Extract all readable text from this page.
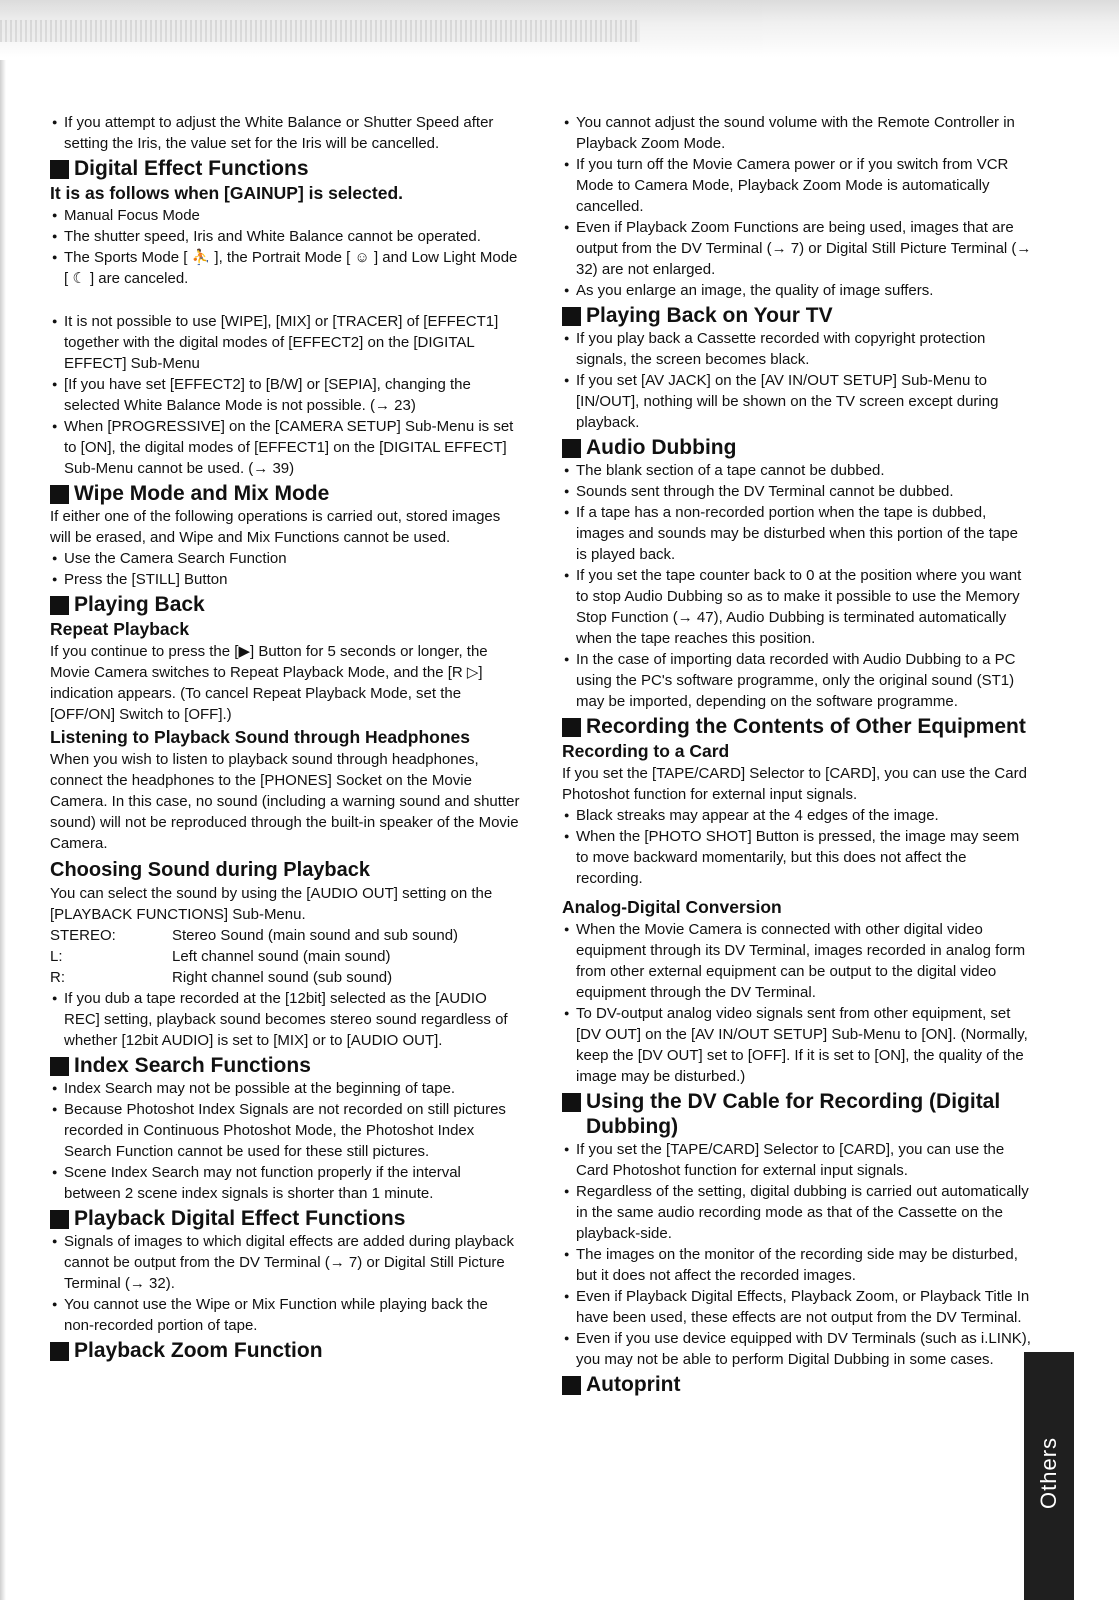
● If you attempt to adjust the White Balance or Shutter Speed after setting the Iris, the value set for the Iris will be cancelled.
Digital Effect Functions
It is as follows when [GAINUP] is selected.
● Manual Focus Mode
● The shutter speed, Iris and White Balance cannot be operated.
● The Sports Mode [ ⛹ ], the Portrait Mode [ ☺ ] and Low Light Mode [ ☾ ] are canceled.
● It is not possible to use [WIPE], [MIX] or [TRACER] of [EFFECT1] together with the digital modes of [EFFECT2] on the [DIGITAL EFFECT] Sub-Menu
● [If you have set [EFFECT2] to [B/W] or [SEPIA], changing the selected White Balance Mode is not possible. (→ 23)
● When [PROGRESSIVE] on the [CAMERA SETUP] Sub-Menu is set to [ON], the digital modes of [EFFECT1] on the [DIGITAL EFFECT] Sub-Menu cannot be used. (→ 39)
Wipe Mode and Mix Mode

If either one of the following operations is carried out, stored images will be erased, and Wipe and Mix Functions cannot be used.

● Use the Camera Search Function
● Press the [STILL] Button
Playing Back
Repeat Playback

If you continue to press the [▶] Button for 5 seconds or longer, the Movie Camera switches to Repeat Playback Mode, and the [R ▷] indication appears. (To cancel Repeat Playback Mode, set the [OFF/ON] Switch to [OFF].)

Listening to Playback Sound through Headphones

When you wish to listen to playback sound through headphones, connect the headphones to the [PHONES] Socket on the Movie Camera. In this case, no sound (including a warning sound and shutter sound) will not be reproduced through the built-in speaker of the Movie Camera.

Choosing Sound during Playback

You can select the sound by using the [AUDIO OUT] setting on the [PLAYBACK FUNCTIONS] Sub-Menu.

STEREO:	Stereo Sound (main sound and sub sound)
L:	Left channel sound (main sound)
R:	Right channel sound (sub sound)
● If you dub a tape recorded at the [12bit] selected as the [AUDIO REC] setting, playback sound becomes stereo sound regardless of whether [12bit AUDIO] is set to [MIX] or to [AUDIO OUT].
Index Search Functions
● Index Search may not be possible at the beginning of tape.
● Because Photoshot Index Signals are not recorded on still pictures recorded in Continuous Photoshot Mode, the Photoshot Index Search Function cannot be used for these still pictures.
● Scene Index Search may not function properly if the interval between 2 scene index signals is shorter than 1 minute.
Playback Digital Effect Functions
● Signals of images to which digital effects are added during playback cannot be output from the DV Terminal (→ 7) or Digital Still Picture Terminal (→ 32).
● You cannot use the Wipe or Mix Function while playing back the non-recorded portion of tape.
Playback Zoom Function
● You cannot adjust the sound volume with the Remote Controller in Playback Zoom Mode.
● If you turn off the Movie Camera power or if you switch from VCR Mode to Camera Mode, Playback Zoom Mode is automatically cancelled.
● Even if Playback Zoom Functions are being used, images that are output from the DV Terminal (→ 7) or Digital Still Picture Terminal (→ 32) are not enlarged.
● As you enlarge an image, the quality of image suffers.
Playing Back on Your TV
● If you play back a Cassette recorded with copyright protection signals, the screen becomes black.
● If you set [AV JACK] on the [AV IN/OUT SETUP] Sub-Menu to [IN/OUT], nothing will be shown on the TV screen except during playback.
Audio Dubbing
● The blank section of a tape cannot be dubbed.
● Sounds sent through the DV Terminal cannot be dubbed.
● If a tape has a non-recorded portion when the tape is dubbed, images and sounds may be disturbed when this portion of the tape is played back.
● If you set the tape counter back to 0 at the position where you want to stop Audio Dubbing so as to make it possible to use the Memory Stop Function (→ 47), Audio Dubbing is terminated automatically when the tape reaches this position.
● In the case of importing data recorded with Audio Dubbing to a PC using the PC's software programme, only the original sound (ST1) may be imported, depending on the software programme.
Recording the Contents of Other Equipment
Recording to a Card

If you set the [TAPE/CARD] Selector to [CARD], you can use the Card Photoshot function for external input signals.

● Black streaks may appear at the 4 edges of the image.
● When the [PHOTO SHOT] Button is pressed, the image may seem to move backward momentarily, but this does not affect the recording.
Analog-Digital Conversion
● When the Movie Camera is connected with other digital video equipment through its DV Terminal, images recorded in analog form from other external equipment can be output to the digital video equipment through the DV Terminal.
● To DV-output analog video signals sent from other equipment, set [DV OUT] on the [AV IN/OUT SETUP] Sub-Menu to [ON]. (Normally, keep the [DV OUT] set to [OFF]. If it is set to [ON], the quality of the image may be disturbed.)
Using the DV Cable for Recording (Digital Dubbing)
● If you set the [TAPE/CARD] Selector to [CARD], you can use the Card Photoshot function for external input signals.
● Regardless of the setting, digital dubbing is carried out automatically in the same audio recording mode as that of the Cassette on the playback-side.
● The images on the monitor of the recording side may be disturbed, but it does not affect the recorded images.
● Even if Playback Digital Effects, Playback Zoom, or Playback Title In have been used, these effects are not output from the DV Terminal.
● Even if you use device equipped with DV Terminals (such as i.LINK), you may not be able to perform Digital Dubbing in some cases.
Autoprint
Others
